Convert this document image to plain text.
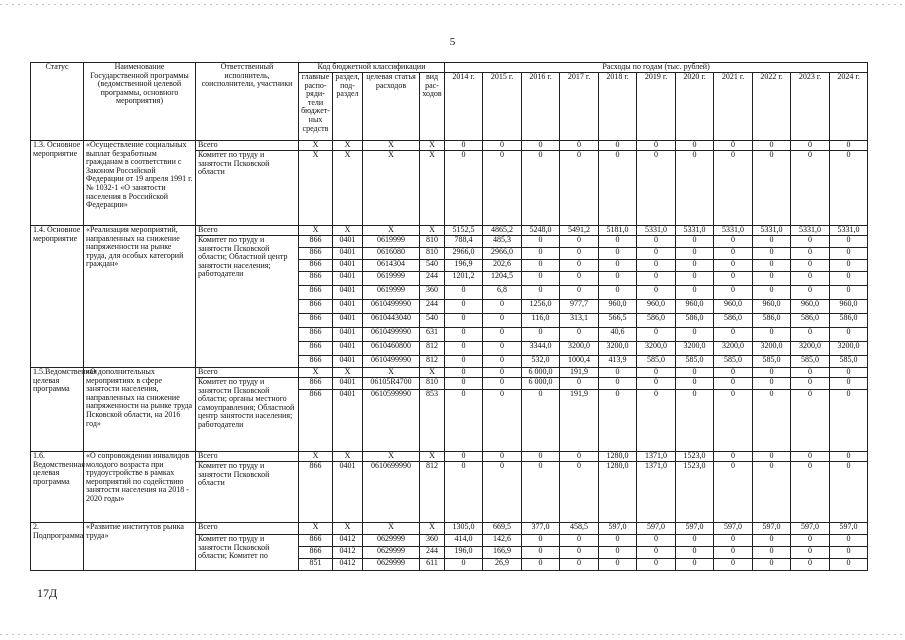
5
Статус	Наименование Государственной программы (ведомственной целевой программы, основного мероприятия)	Ответственный исполнитель, соисполнители, участники	Код бюджетной классификации				Расходы по годам (тыс. рублей)										
			главные распо-ряди-тели бюджет-ных средств	раздел, под-раздел	целевая статья расходов	вид рас-ходов	2014 г.	2015 г.	2016 г.	2017 г.	2018 г.	2019 г.	2020 г.	2021 г.	2022 г.	2023 г.	2024 г.
1.3. Основное мероприятие	«Осуществление социальных выплат безработным гражданам в соответствии с Законом Российской Федерации от 19 апреля 1991 г. № 1032-1 «О занятости населения в Российской Федерации»	Всего	X	X	X	X	0	0	0	0	0	0	0	0	0	0	0
		Комитет по труду и занятости Псковской области	X	X	X	X	0	0	0	0	0	0	0	0	0	0	0
1.4. Основное мероприятие	«Реализация мероприятий, направленных на снижение напряженности на рынке труда, для особых категорий граждан»	Всего	X	X	X	X	5152,5	4865,2	5248,0	5491,2	5181,0	5331,0	5331,0	5331,0	5331,0	5331,0	5331,0
		Комитет по труду и занятости Псковской области; Областной центр занятости населения; работодатели	866	0401	0619999	810	788,4	485,3	0	0	0	0	0	0	0	0	0
			866	0401	0616080	810	2966,0	2966,0	0	0	0	0	0	0	0	0	0
			866	0401	0614304	540	196,9	202,6	0	0	0	0	0	0	0	0	0
			866	0401	0619999	244	1201,2	1204,5	0	0	0	0	0	0	0	0	0
			866	0401	0619999	360	0	6,8	0	0	0	0	0	0	0	0	0
			866	0401	0610499990	244	0	0	1256,0	977,7	960,0	960,0	960,0	960,0	960,0	960,0	960,0
			866	0401	0610443040	540	0	0	116,0	313,1	566,5	586,0	586,0	586,0	586,0	586,0	586,0
			866	0401	0610499990	631	0	0	0	0	40,6	0	0	0	0	0	0
			866	0401	0610460800	812	0	0	3344,0	3200,0	3200,0	3200,0	3200,0	3200,0	3200,0	3200,0	3200,0
			866	0401	0610499990	812	0	0	532,0	1000,4	413,9	585,0	585,0	585,0	585,0	585,0	585,0
1.5.Ведомственная целевая программа	«О дополнительных мероприятиях в сфере занятости населения, направленных на снижение напряженности на рынке труда Псковской области, на 2016 год»	Всего	X	X	X	X	0	0	6 000,0	191,9	0	0	0	0	0	0	0
		Комитет по труду и занятости Псковской области; органы местного самоуправления; Областной центр занятости населения; работодатели	866	0401	06105R4700	810	0	0	6 000,0	0	0	0	0	0	0	0	0
			866	0401	0610599990	853	0	0	0	191,9	0	0	0	0	0	0	0
1.6. Ведомственная целевая программа	«О сопровождении инвалидов молодого возраста при трудоустройстве в рамках мероприятий по содействию занятости населения на 2018 - 2020 годы»	Всего	X	X	X	X	0	0	0	0	1280,0	1371,0	1523,0	0	0	0	0
		Комитет по труду и занятости Псковской области	866	0401	0610699990	812	0	0	0	0	1280,0	1371,0	1523,0	0	0	0	0
2. Подпрограмма	«Развитие институтов рынка труда»	Всего	X	X	X	X	1305,0	669,5	377,0	458,5	597,0	597,0	597,0	597,0	597,0	597,0	597,0
		Комитет по труду и занятости Псковской области; Комитет по	866	0412	0629999	360	414,0	142,6	0	0	0	0	0	0	0	0	0
			866	0412	0629999	244	196,0	166,9	0	0	0	0	0	0	0	0	0
			851	0412	0629999	611	0	26,9	0	0	0	0	0	0	0	0	0
17Д
